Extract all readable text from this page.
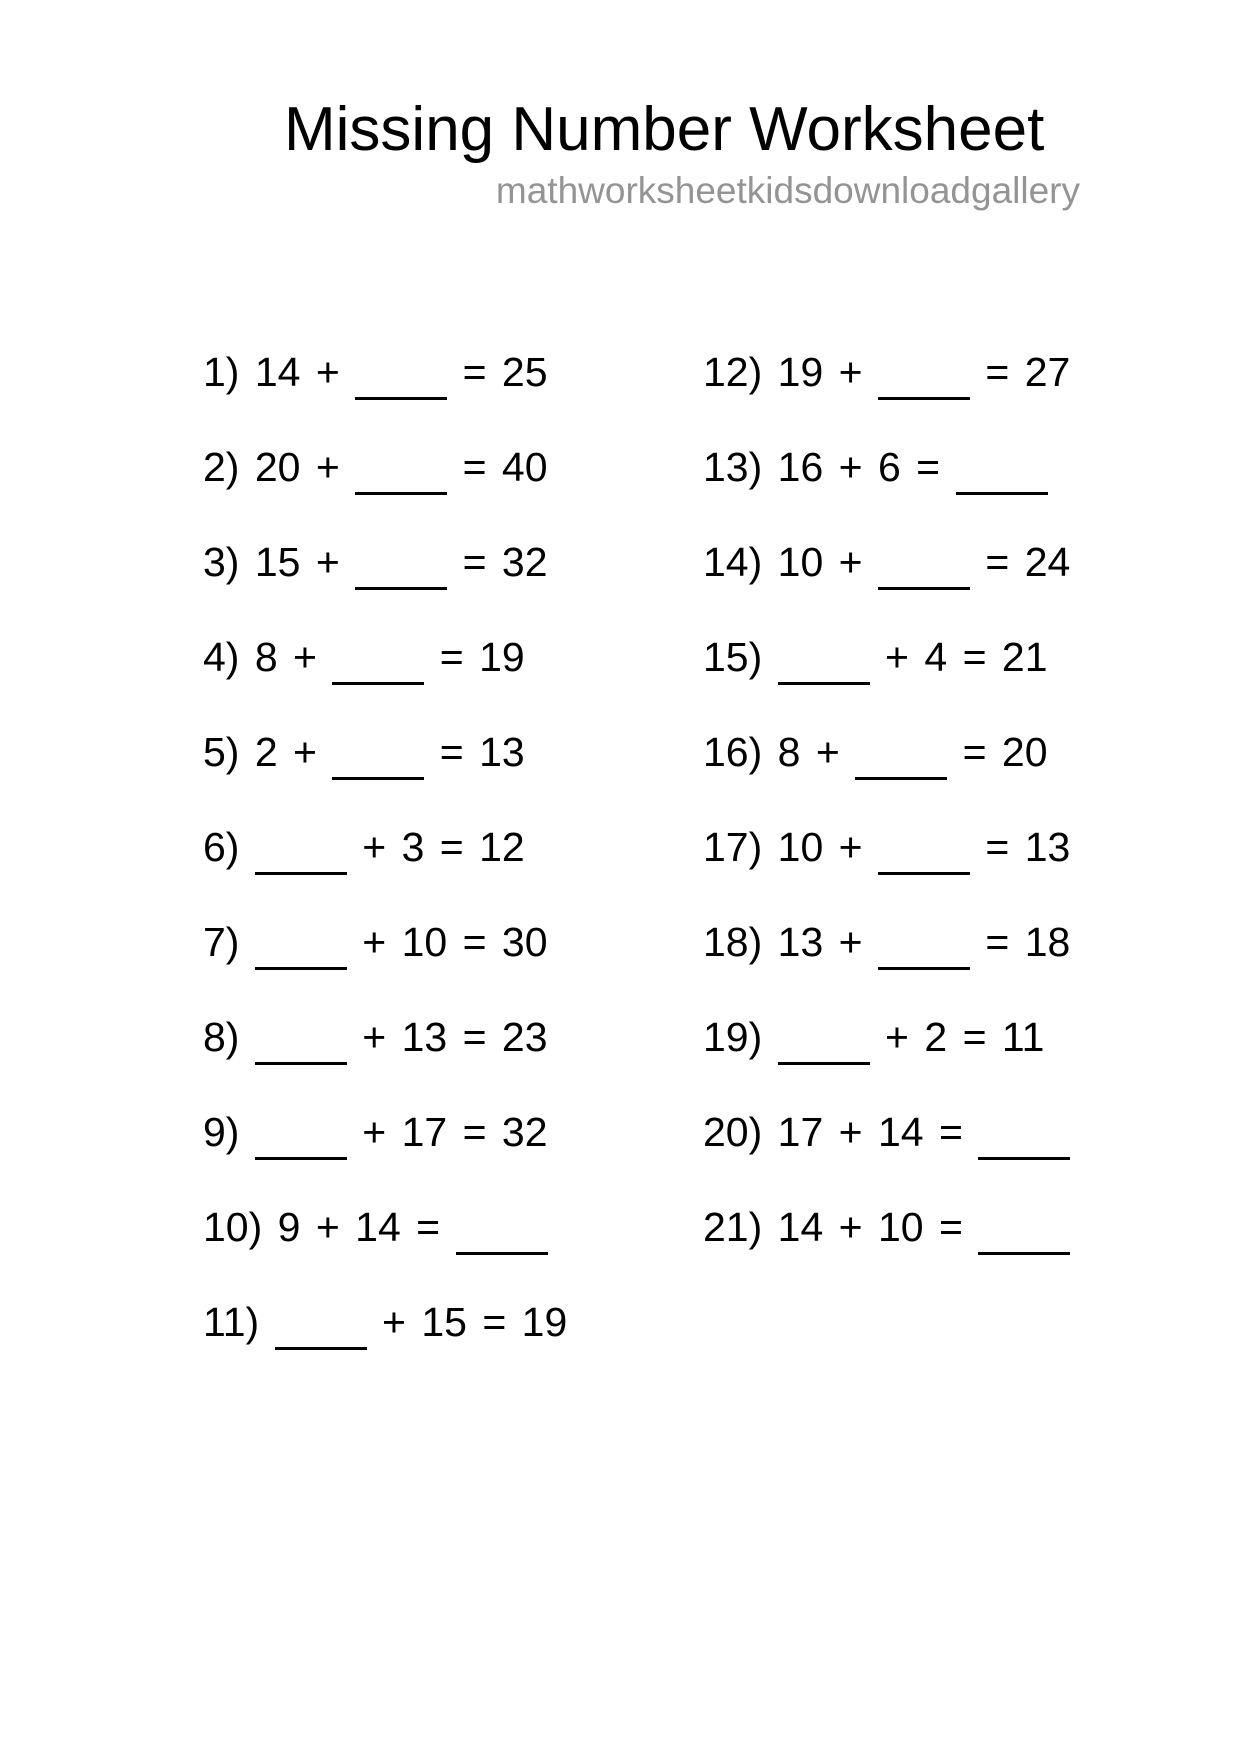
Missing Number Worksheet
mathworksheetkidsdownloadgallery
1) 14 +  = 25
2) 20 +  = 40
3) 15 +  = 32
4) 8 +  = 19
5) 2 +  = 13
6)  + 3 = 12
7)  + 10 = 30
8)  + 13 = 23
9)  + 17 = 32
10) 9 + 14 =
11)  + 15 = 19
12) 19 +  = 27
13) 16 + 6 =
14) 10 +  = 24
15)  + 4 = 21
16) 8 +  = 20
17) 10 +  = 13
18) 13 +  = 18
19)  + 2 = 11
20) 17 + 14 =
21) 14 + 10 =
